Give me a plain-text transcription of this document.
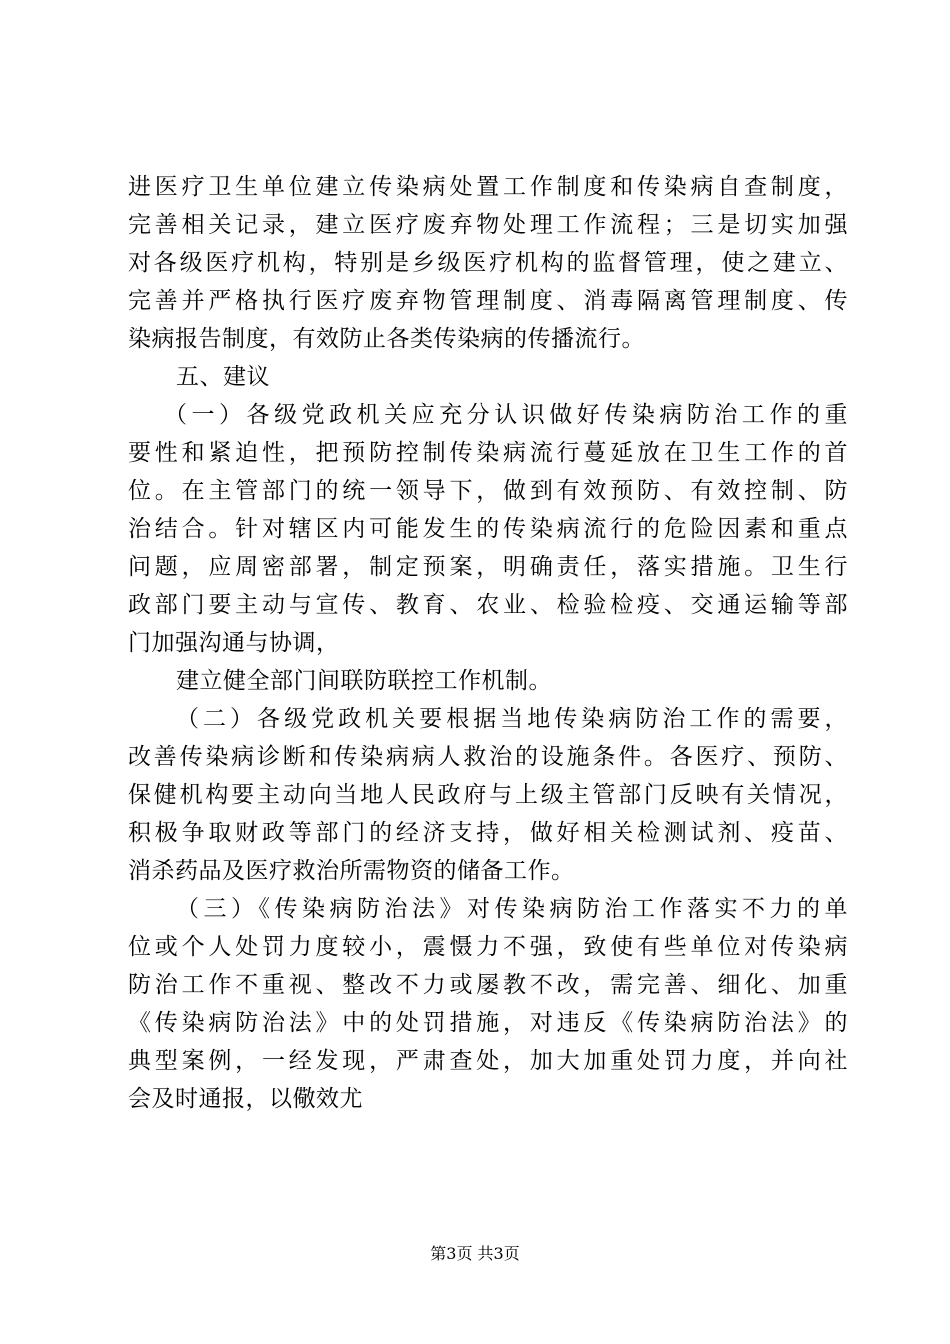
进医疗卫生单位建立传染病处置工作制度和传染病自查制度，
完善相关记录，建立医疗废弃物处理工作流程；三是切实加强
对各级医疗机构，特别是乡级医疗机构的监督管理，使之建立、
完善并严格执行医疗废弃物管理制度、消毒隔离管理制度、传
染病报告制度，有效防止各类传染病的传播流行。
五、建议
（一）各级党政机关应充分认识做好传染病防治工作的重
要性和紧迫性，把预防控制传染病流行蔓延放在卫生工作的首
位。在主管部门的统一领导下，做到有效预防、有效控制、防
治结合。针对辖区内可能发生的传染病流行的危险因素和重点
问题，应周密部署，制定预案，明确责任，落实措施。卫生行
政部门要主动与宣传、教育、农业、检验检疫、交通运输等部
门加强沟通与协调，
建立健全部门间联防联控工作机制。
（二）各级党政机关要根据当地传染病防治工作的需要，
改善传染病诊断和传染病病人救治的设施条件。各医疗、预防、
保健机构要主动向当地人民政府与上级主管部门反映有关情况，
积极争取财政等部门的经济支持，做好相关检测试剂、疫苗、
消杀药品及医疗救治所需物资的储备工作。
（三）《传染病防治法》对传染病防治工作落实不力的单
位或个人处罚力度较小，震慑力不强，致使有些单位对传染病
防治工作不重视、整改不力或屡教不改，需完善、细化、加重
《传染病防治法》中的处罚措施，对违反《传染病防治法》的
典型案例，一经发现，严肃查处，加大加重处罚力度，并向社
会及时通报，以儆效尤
第3页 共3页
